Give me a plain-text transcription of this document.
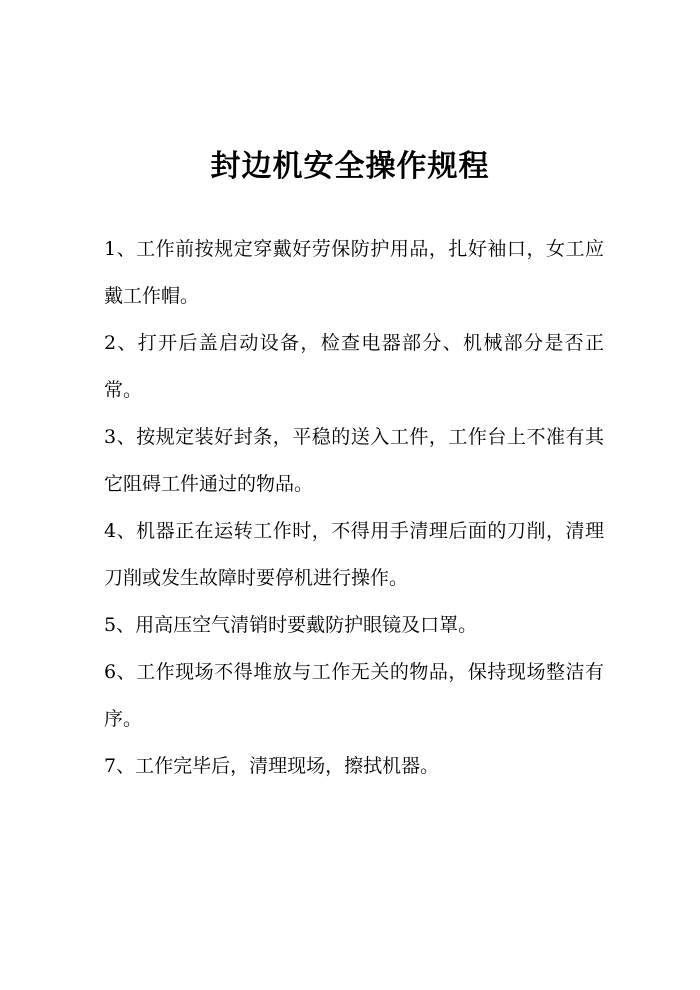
封边机安全操作规程
1、工作前按规定穿戴好劳保防护用品，扎好袖口，女工应戴工作帽。
2、打开后盖启动设备，检查电器部分、机械部分是否正常。
3、按规定装好封条，平稳的送入工件，工作台上不准有其它阻碍工件通过的物品。
4、机器正在运转工作时，不得用手清理后面的刀削，清理刀削或发生故障时要停机进行操作。
5、用高压空气清销时要戴防护眼镜及口罩。
6、工作现场不得堆放与工作无关的物品，保持现场整洁有序。
7、工作完毕后，清理现场，擦拭机器。
